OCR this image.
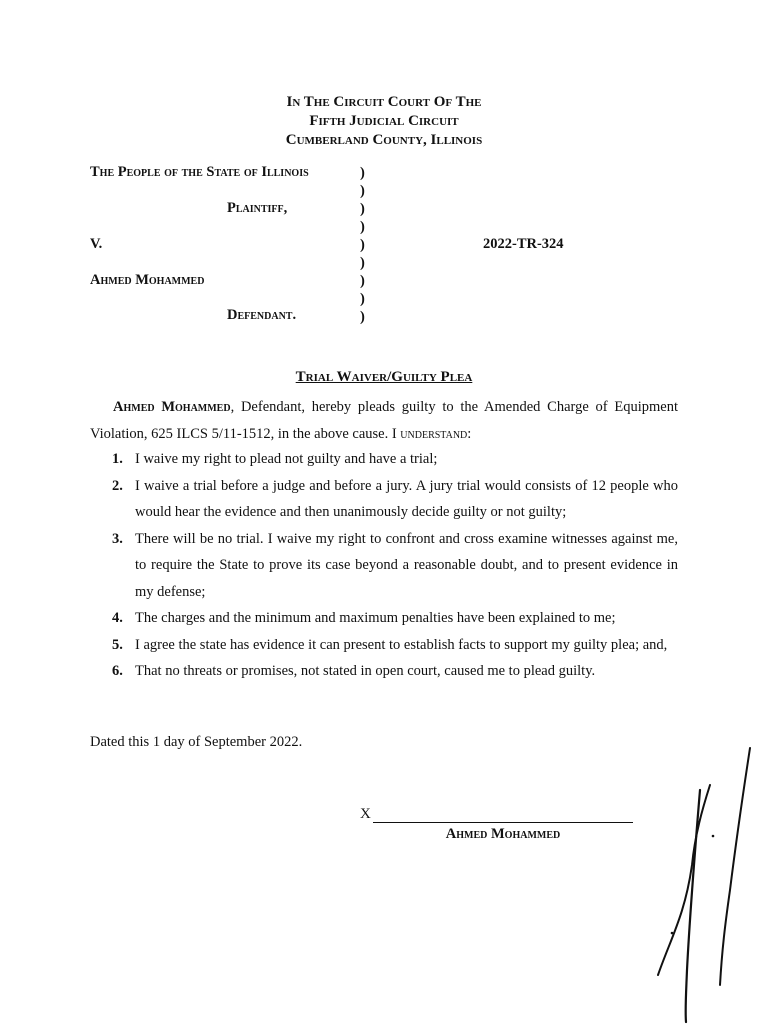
In The Circuit Court Of The
Fifth Judicial Circuit
Cumberland County, Illinois
The People of the State of Illinois
Plaintiff,
V.
Ahmed Mohammed
Defendant.
2022-TR-324
)
)
)
)
)
)
)
)
)
Trial Waiver/Guilty Plea
Ahmed Mohammed, Defendant, hereby pleads guilty to the Amended Charge of Equipment Violation, 625 ILCS 5/11-1512, in the above cause. I understand:
1. I waive my right to plead not guilty and have a trial;
2. I waive a trial before a judge and before a jury. A jury trial would consists of 12 people who would hear the evidence and then unanimously decide guilty or not guilty;
3. There will be no trial. I waive my right to confront and cross examine witnesses against me, to require the State to prove its case beyond a reasonable doubt, and to present evidence in my defense;
4. The charges and the minimum and maximum penalties have been explained to me;
5. I agree the state has evidence it can present to establish facts to support my guilty plea; and,
6. That no threats or promises, not stated in open court, caused me to plead guilty.
Dated this 1 day of September 2022.
X
Ahmed Mohammed
